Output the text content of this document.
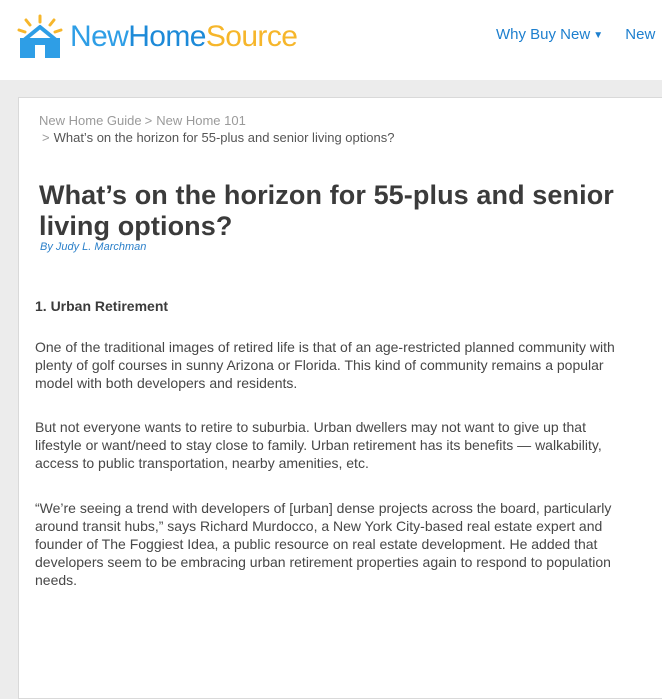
NewHomeSource	Why Buy New ▼ New
New Home Guide > New Home 101
> What’s on the horizon for 55-plus and senior living options?
What’s on the horizon for 55-plus and senior living options?
By Judy L. Marchman
1. Urban Retirement

One of the traditional images of retired life is that of an age-restricted planned community with plenty of golf courses in sunny Arizona or Florida. This kind of community remains a popular model with both developers and residents.

But not everyone wants to retire to suburbia. Urban dwellers may not want to give up that lifestyle or want/need to stay close to family. Urban retirement has its benefits — walkability, access to public transportation, nearby amenities, etc.

“We’re seeing a trend with developers of [urban] dense projects across the board, particularly around transit hubs,” says Richard Murdocco, a New York City-based real estate expert and founder of The Foggiest Idea, a public resource on real estate development. He added that developers seem to be embracing urban retirement properties again to respond to population needs.
